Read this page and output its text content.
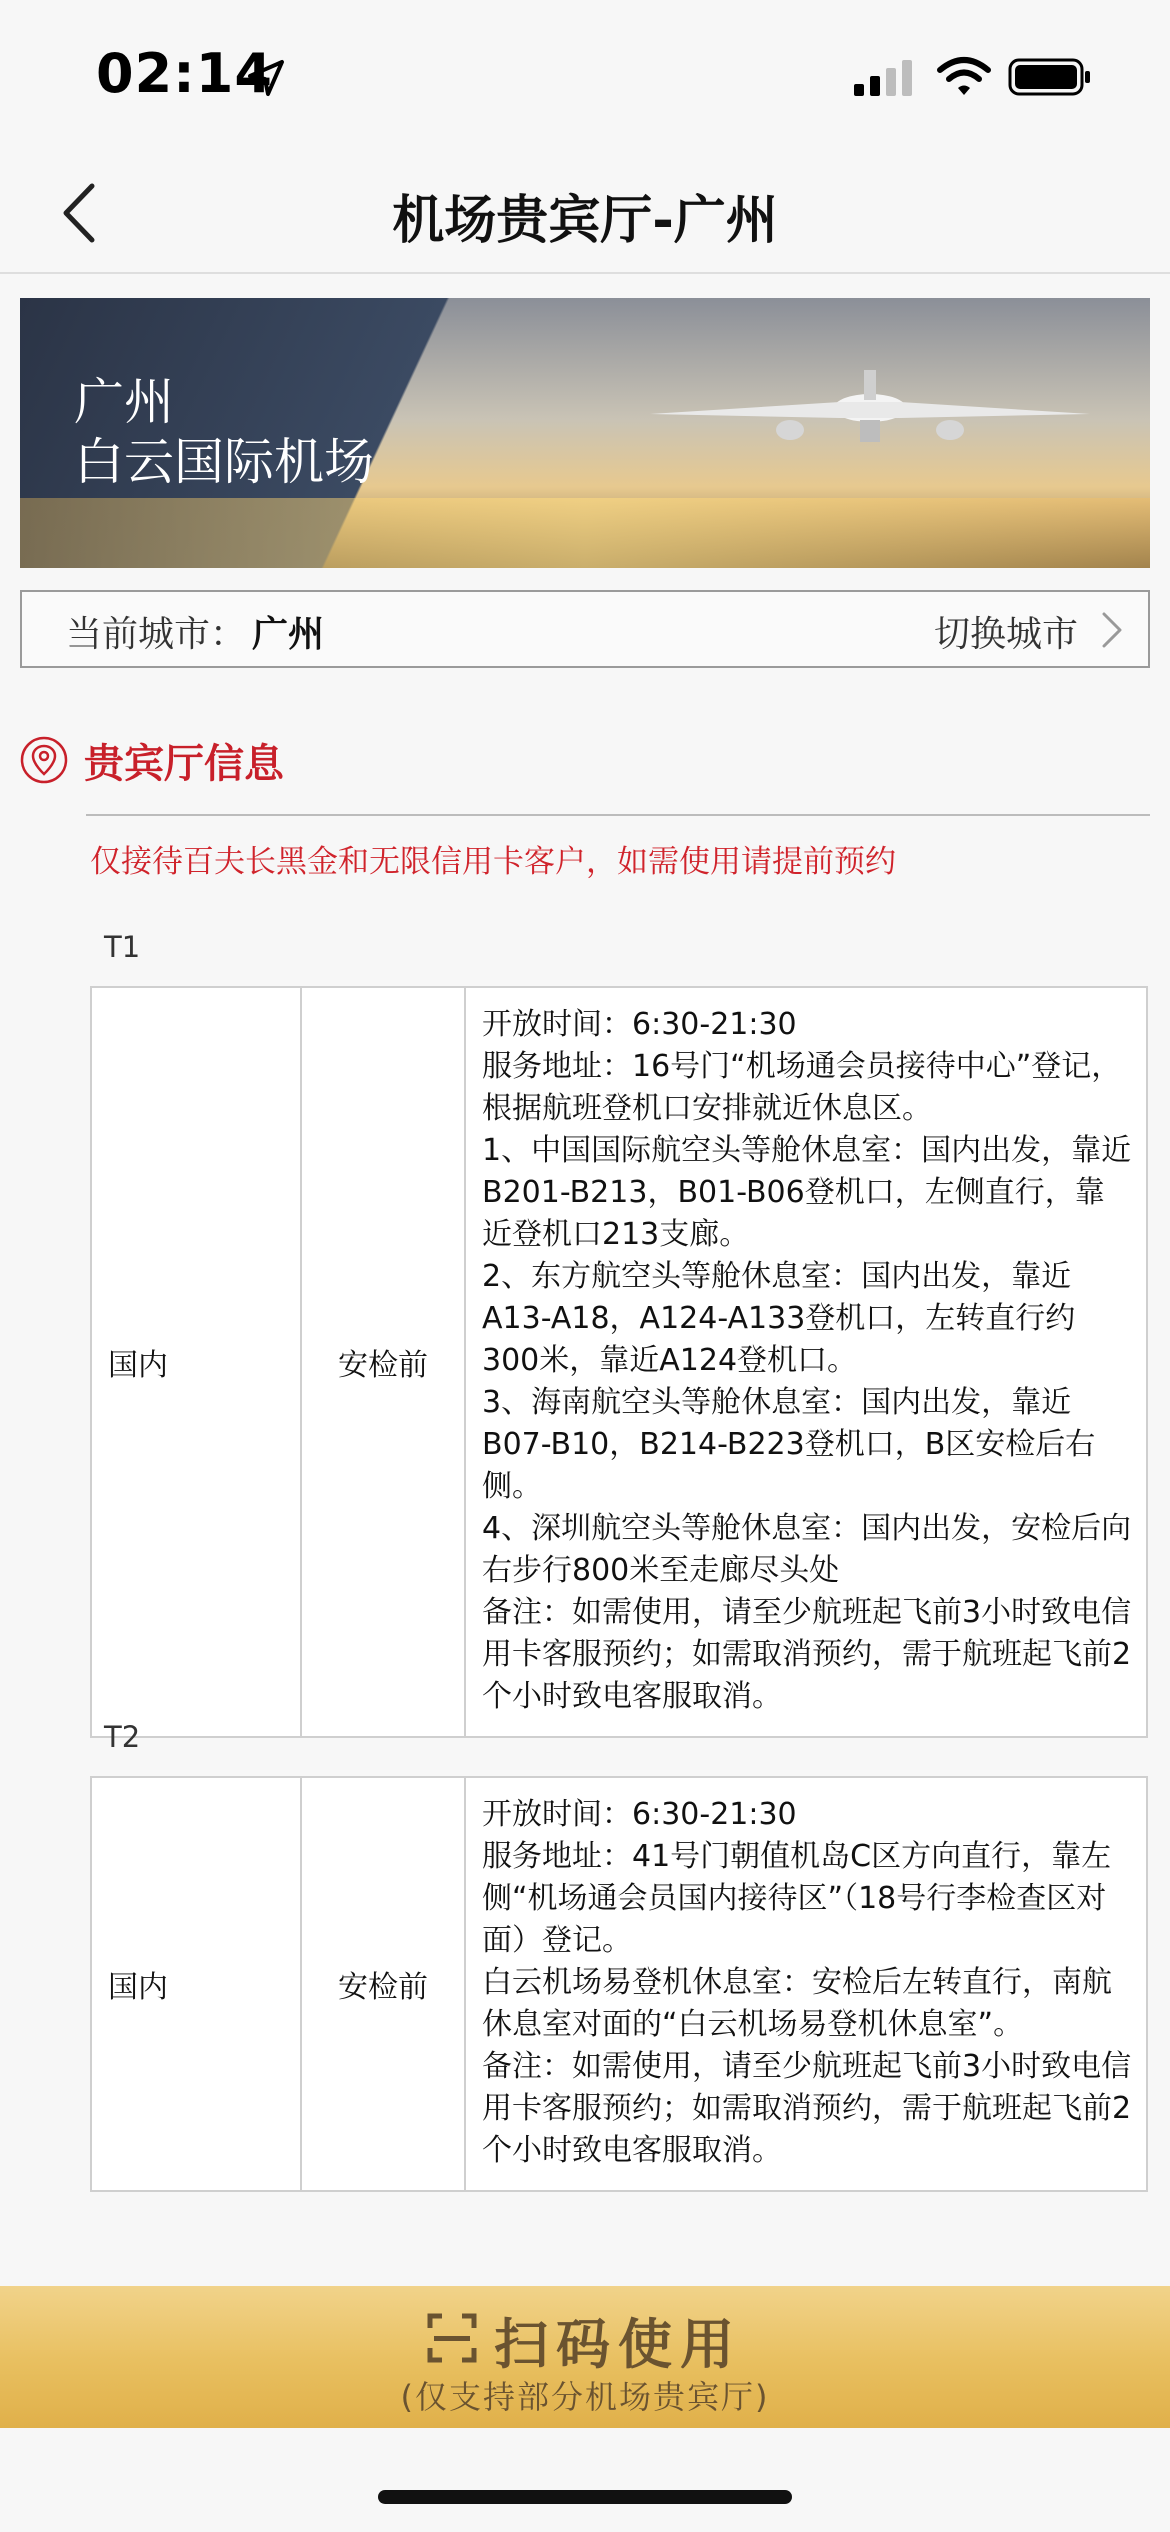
02:14
机场贵宾厅-广州
广州
白云国际机场
当前城市： 广州	切换城市
贵宾厅信息
仅接待百夫长黑金和无限信用卡客户，如需使用请提前预约
T1
国内	安检前	开放时间：6:30-21:30
服务地址：16号门“机场通会员接待中心”登记，根据航班登机口安排就近休息区。
1、中国国际航空头等舱休息室：国内出发，靠近B201-B213，B01-B06登机口，左侧直行，靠近登机口213支廊。
2、东方航空头等舱休息室：国内出发，靠近A13-A18，A124-A133登机口，左转直行约300米，靠近A124登机口。
3、海南航空头等舱休息室：国内出发，靠近B07-B10，B214-B223登机口，B区安检后右侧。
4、深圳航空头等舱休息室：国内出发，安检后向右步行800米至走廊尽头处
备注：如需使用，请至少航班起飞前3小时致电信用卡客服预约；如需取消预约，需于航班起飞前2个小时致电客服取消。
T2
国内	安检前	开放时间：6:30-21:30
服务地址：41号门朝值机岛C区方向直行，靠左侧“机场通会员国内接待区”（18号行李检查区对面）登记。
白云机场易登机休息室：安检后左转直行，南航休息室对面的“白云机场易登机休息室”。
备注：如需使用，请至少航班起飞前3小时致电信用卡客服预约；如需取消预约，需于航班起飞前2个小时致电客服取消。
扫码使用
(仅支持部分机场贵宾厅)
